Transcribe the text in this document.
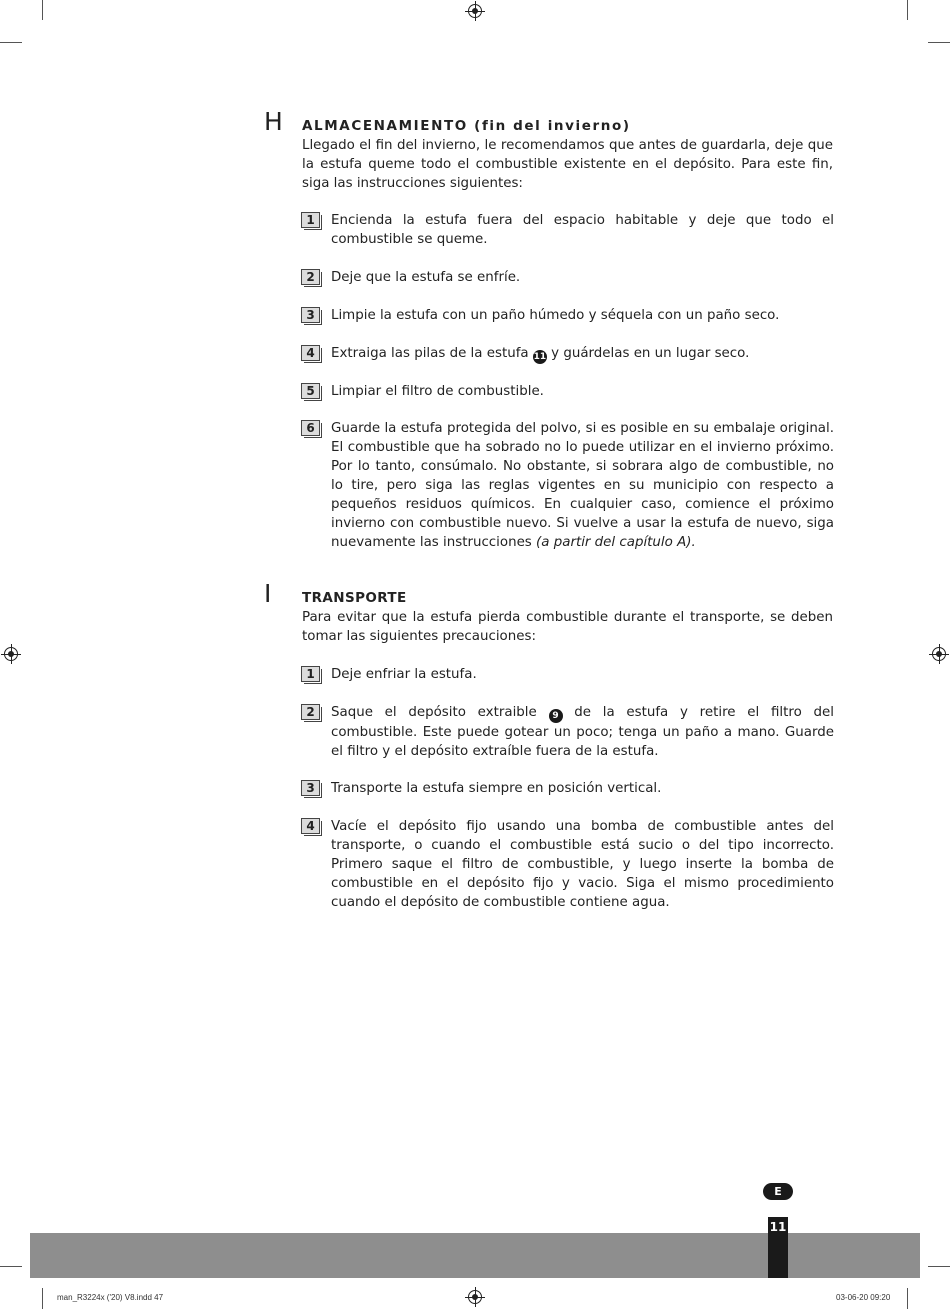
H ALMACENAMIENTO (fin del invierno)

Llegado el fin del invierno, le recomendamos que antes de guardarla, deje que la estufa queme todo el combustible existente en el depósito. Para este fin, siga las instrucciones siguientes:

1	Encienda la estufa fuera del espacio habitable y deje que todo el combustible se queme.

2	Deje que la estufa se enfríe.

3	Limpie la estufa con un paño húmedo y séquela con un paño seco.

4	Extraiga las pilas de la estufa 11 y guárdelas en un lugar seco.

5	Limpiar el filtro de combustible.

6	Guarde la estufa protegida del polvo, si es posible en su embalaje original. El combustible que ha sobrado no lo puede utilizar en el invierno próximo. Por lo tanto, consúmalo. No obstante, si sobrara algo de combustible, no lo tire, pero siga las reglas vigentes en su municipio con respecto a pequeños residuos químicos. En cualquier caso, comience el próximo invierno con combustible nuevo. Si vuelve a usar la estufa de nuevo, siga nuevamente las instrucciones (a partir del capítulo A).

I TRANSPORTE

Para evitar que la estufa pierda combustible durante el transporte, se deben tomar las siguientes precauciones:

1	Deje enfriar la estufa.

2	Saque el depósito extraible 9 de la estufa y retire el filtro del combustible. Este puede gotear un poco; tenga un paño a mano. Guarde el filtro y el depósito extraíble fuera de la estufa.

3	Transporte la estufa siempre en posición vertical.

4	Vacíe el depósito fijo usando una bomba de combustible antes del transporte, o cuando el combustible está sucio o del tipo incorrecto. Primero saque el filtro de combustible, y luego inserte la bomba de combustible en el depósito fijo y vacio. Siga el mismo procedimiento cuando el depósito de combustible contiene agua.

E
11
man_R3224x ('20) V8.indd 47	03-06-20 09:20
